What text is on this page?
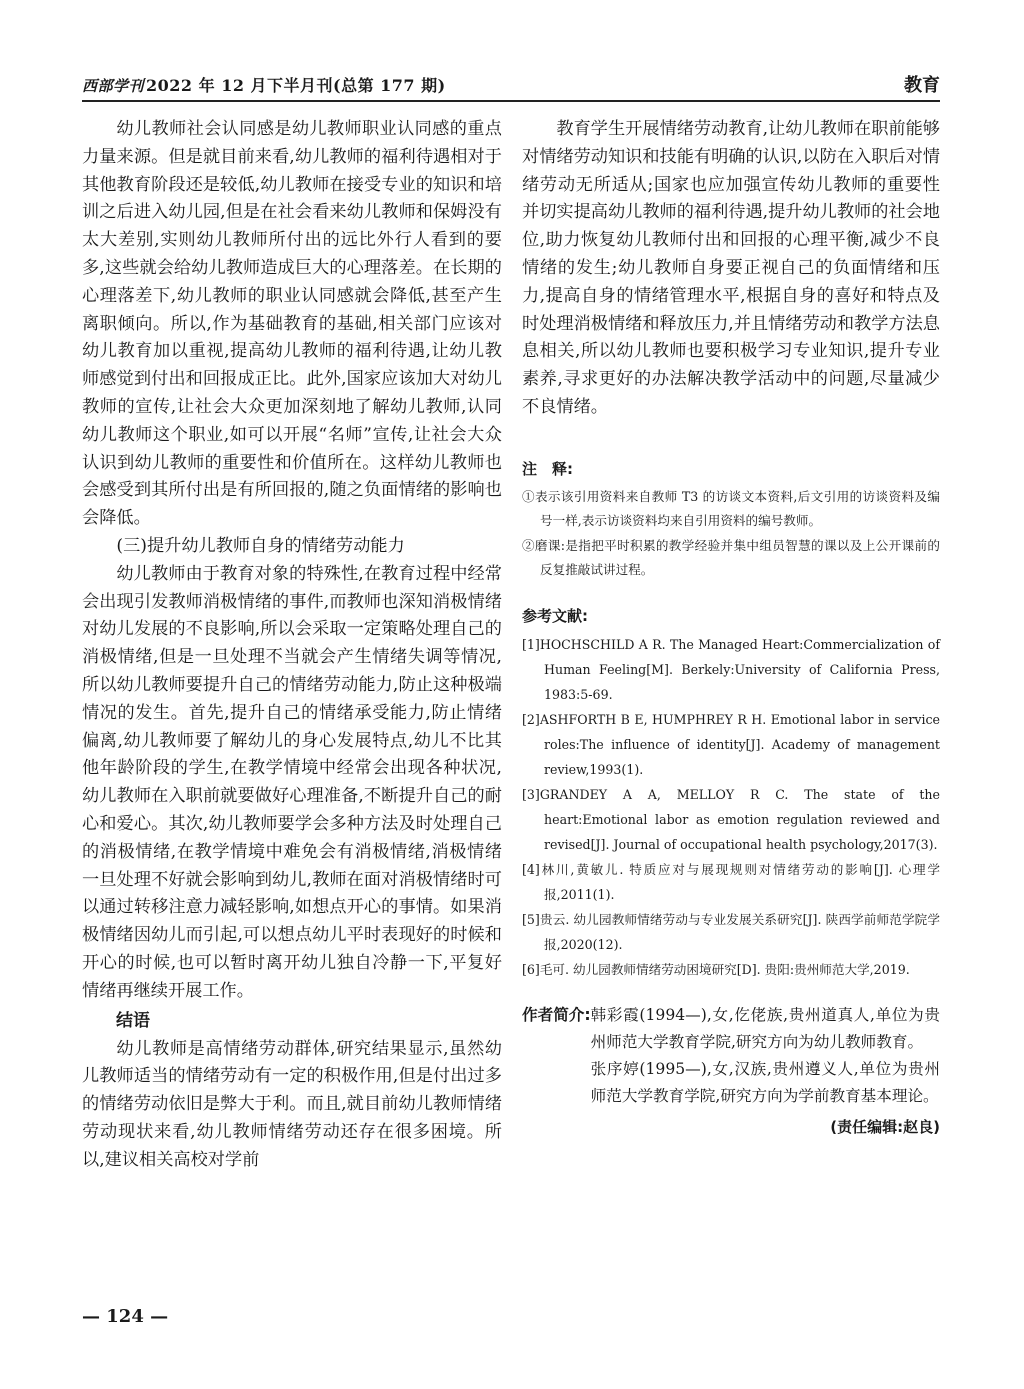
西部学刊 2022 年 12 月下半月刊(总第 177 期)	教育

幼儿教师社会认同感是幼儿教师职业认同感的重点力量来源。但是就目前来看,幼儿教师的福利待遇相对于其他教育阶段还是较低,幼儿教师在接受专业的知识和培训之后进入幼儿园,但是在社会看来幼儿教师和保姆没有太大差别,实则幼儿教师所付出的远比外行人看到的要多,这些就会给幼儿教师造成巨大的心理落差。在长期的心理落差下,幼儿教师的职业认同感就会降低,甚至产生离职倾向。所以,作为基础教育的基础,相关部门应该对幼儿教育加以重视,提高幼儿教师的福利待遇,让幼儿教师感觉到付出和回报成正比。此外,国家应该加大对幼儿教师的宣传,让社会大众更加深刻地了解幼儿教师,认同幼儿教师这个职业,如可以开展“名师”宣传,让社会大众认识到幼儿教师的重要性和价值所在。这样幼儿教师也会感受到其所付出是有所回报的,随之负面情绪的影响也会降低。

(三)提升幼儿教师自身的情绪劳动能力

幼儿教师由于教育对象的特殊性,在教育过程中经常会出现引发教师消极情绪的事件,而教师也深知消极情绪对幼儿发展的不良影响,所以会采取一定策略处理自己的消极情绪,但是一旦处理不当就会产生情绪失调等情况,所以幼儿教师要提升自己的情绪劳动能力,防止这种极端情况的发生。首先,提升自己的情绪承受能力,防止情绪偏离,幼儿教师要了解幼儿的身心发展特点,幼儿不比其他年龄阶段的学生,在教学情境中经常会出现各种状况,幼儿教师在入职前就要做好心理准备,不断提升自己的耐心和爱心。其次,幼儿教师要学会多种方法及时处理自己的消极情绪,在教学情境中难免会有消极情绪,消极情绪一旦处理不好就会影响到幼儿,教师在面对消极情绪时可以通过转移注意力减轻影响,如想点开心的事情。如果消极情绪因幼儿而引起,可以想点幼儿平时表现好的时候和开心的时候,也可以暂时离开幼儿独自冷静一下,平复好情绪再继续开展工作。

结语

幼儿教师是高情绪劳动群体,研究结果显示,虽然幼儿教师适当的情绪劳动有一定的积极作用,但是付出过多的情绪劳动依旧是弊大于利。而且,就目前幼儿教师情绪劳动现状来看,幼儿教师情绪劳动还存在很多困境。所以,建议相关高校对学前

教育学生开展情绪劳动教育,让幼儿教师在职前能够对情绪劳动知识和技能有明确的认识,以防在入职后对情绪劳动无所适从;国家也应加强宣传幼儿教师的重要性并切实提高幼儿教师的福利待遇,提升幼儿教师的社会地位,助力恢复幼儿教师付出和回报的心理平衡,减少不良情绪的发生;幼儿教师自身要正视自己的负面情绪和压力,提高自身的情绪管理水平,根据自身的喜好和特点及时处理消极情绪和释放压力,并且情绪劳动和教学方法息息相关,所以幼儿教师也要积极学习专业知识,提升专业素养,寻求更好的办法解决教学活动中的问题,尽量减少不良情绪。

注　释:

①表示该引用资料来自教师 T3 的访谈文本资料,后文引用的访谈资料及编号一样,表示访谈资料均来自引用资料的编号教师。

②磨课:是指把平时积累的教学经验并集中组员智慧的课以及上公开课前的反复推敲试讲过程。

参考文献:

[1]HOCHSCHILD A R. The Managed Heart:Commercialization of Human Feeling[M]. Berkely:University of California Press, 1983:5-69.

[2]ASHFORTH B E, HUMPHREY R H. Emotional labor in service roles:The influence of identity[J]. Academy of management review,1993(1).

[3]GRANDEY A A, MELLOY R C. The state of the heart:Emotional labor as emotion regulation reviewed and revised[J]. Journal of occupational health psychology,2017(3).

[4]林川,黄敏儿. 特质应对与展现规则对情绪劳动的影响[J]. 心理学报,2011(1).

[5]贵云. 幼儿园教师情绪劳动与专业发展关系研究[J]. 陕西学前师范学院学报,2020(12).

[6]毛可. 幼儿园教师情绪劳动困境研究[D]. 贵阳:贵州师范大学,2019.

作者简介: 韩彩霞(1994—),女,仡佬族,贵州道真人,单位为贵州师范大学教育学院,研究方向为幼儿教师教育。

张序婷(1995—),女,汉族,贵州遵义人,单位为贵州师范大学教育学院,研究方向为学前教育基本理论。

(责任编辑:赵良)
— 124 —
